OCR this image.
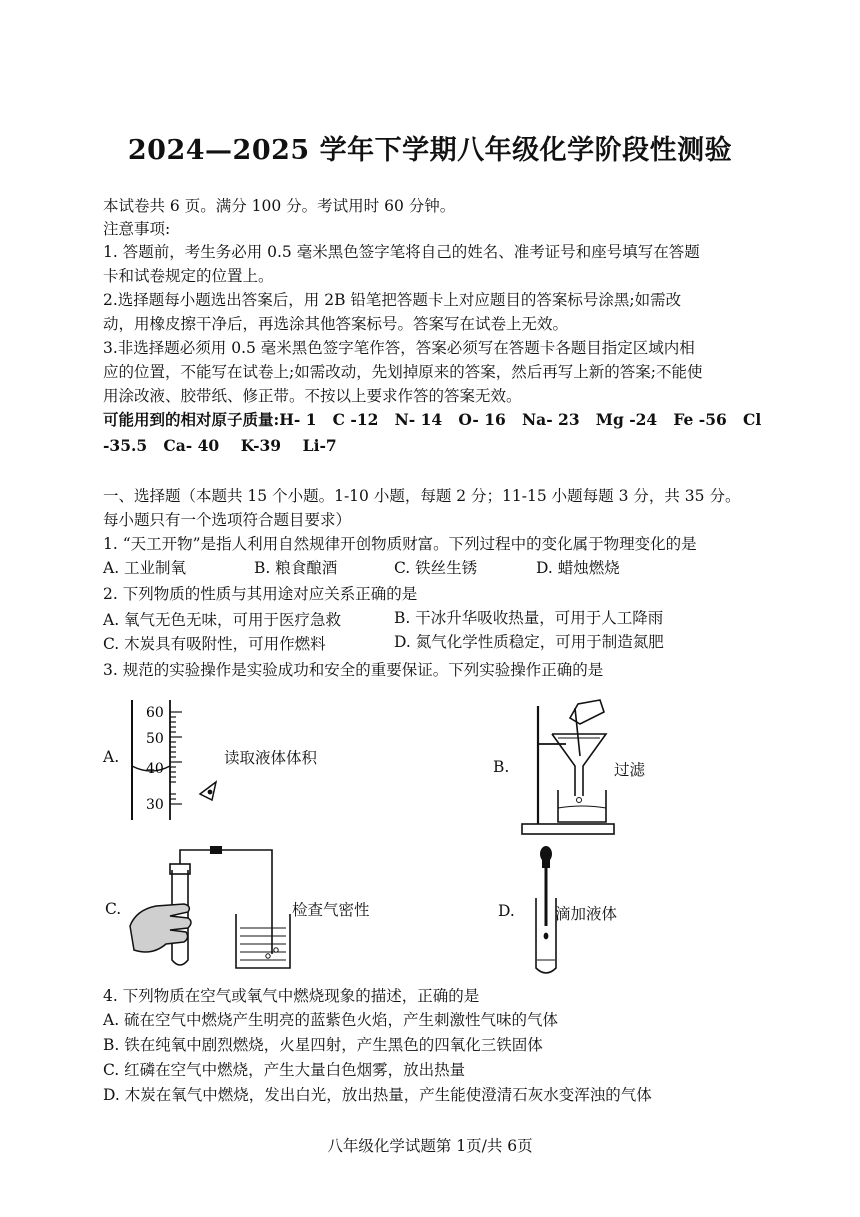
2024—2025 学年下学期八年级化学阶段性测验
本试卷共 6 页。满分 100 分。考试用时 60 分钟。
注意事项:
1. 答题前，考生务必用 0.5 毫米黑色签字笔将自己的姓名、准考证号和座号填写在答题
卡和试卷规定的位置上。
2.选择题每小题选出答案后，用 2B 铅笔把答题卡上对应题目的答案标号涂黑;如需改
动，用橡皮擦干净后，再选涂其他答案标号。答案写在试卷上无效。
3.非选择题必须用 0.5 毫米黑色签字笔作答，答案必须写在答题卡各题目指定区域内相
应的位置，不能写在试卷上;如需改动，先划掉原来的答案，然后再写上新的答案;不能使
用涂改液、胶带纸、修正带。不按以上要求作答的答案无效。
可能用到的相对原子质量:H- 1   C -12   N- 14   O- 16   Na- 23   Mg -24   Fe -56   Cl
-35.5   Ca- 40    K-39    Li-7
一、选择题（本题共 15 个小题。1-10 小题，每题 2 分；11-15 小题每题 3 分，共 35 分。
每小题只有一个选项符合题目要求）
1. “天工开物”是指人利用自然规律开创物质财富。下列过程中的变化属于物理变化的是
A. 工业制氧	B. 粮食酿酒	C. 铁丝生锈	D. 蜡烛燃烧
2. 下列物质的性质与其用途对应关系正确的是
A. 氧气无色无味，可用于医疗急救	B. 干冰升华吸收热量，可用于人工降雨
C. 木炭具有吸附性，可用作燃料	D. 氮气化学性质稳定，可用于制造氮肥
3. 规范的实验操作是实验成功和安全的重要保证。下列实验操作正确的是
A.
60
50
40
30
读取液体体积	B.	过滤
C.	检查气密性	D.	滴加液体
4. 下列物质在空气或氧气中燃烧现象的描述，正确的是
A. 硫在空气中燃烧产生明亮的蓝紫色火焰，产生刺激性气味的气体
B. 铁在纯氧中剧烈燃烧，火星四射，产生黑色的四氧化三铁固体
C. 红磷在空气中燃烧，产生大量白色烟雾，放出热量
D. 木炭在氧气中燃烧，发出白光，放出热量，产生能使澄清石灰水变浑浊的气体
八年级化学试题第 1页/共 6页
